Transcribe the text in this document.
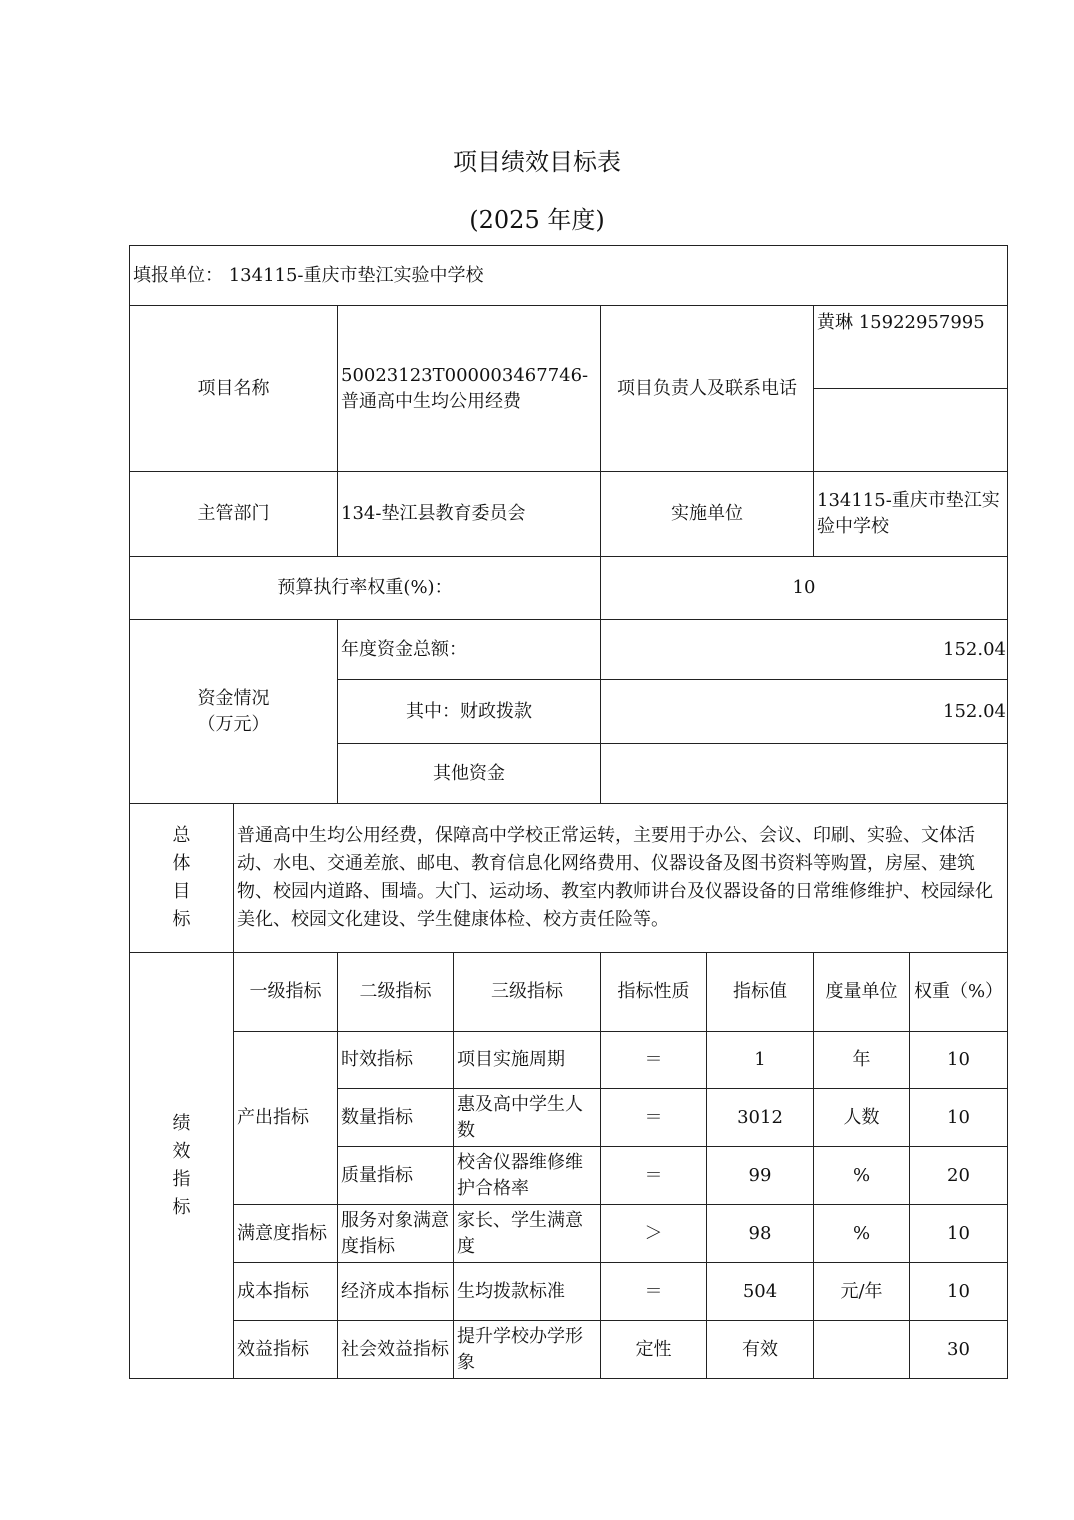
项目绩效目标表
(2025 年度)
填报单位： 134115-重庆市垫江实验中学校							
项目名称		50023123T000003467746-普通高中生均公用经费		项目负责人及联系电话		黄琳 15922957995	

主管部门		134-垫江县教育委员会		实施单位		134115-重庆市垫江实验中学校	
预算执行率权重(%)：				10			

资金情况
（万元）		年度资金总额：		152.04			
		其中：财政拨款		152.04			
		其他资金					

总
体
目
标	普通高中生均公用经费，保障高中学校正常运转，主要用于办公、会议、印刷、实验、文体活动、水电、交通差旅、邮电、教育信息化网络费用、仪器设备及图书资料等购置，房屋、建筑物、校园内道路、围墙。大门、运动场、教室内教师讲台及仪器设备的日常维修维护、校园绿化美化、校园文化建设、学生健康体检、校方责任险等。						

绩
效
指
标	一级指标	二级指标	三级指标	指标性质	指标值	度量单位	权重（%）
	产出指标	时效指标	项目实施周期	＝	1	年	10
		数量指标	惠及高中学生人数	＝	3012	人数	10
		质量指标	校舍仪器维修维护合格率	＝	99	%	20
	满意度指标	服务对象满意度指标	家长、学生满意度	＞	98	%	10
	成本指标	经济成本指标	生均拨款标准	＝	504	元/年	10
	效益指标	社会效益指标	提升学校办学形象	定性	有效		30
